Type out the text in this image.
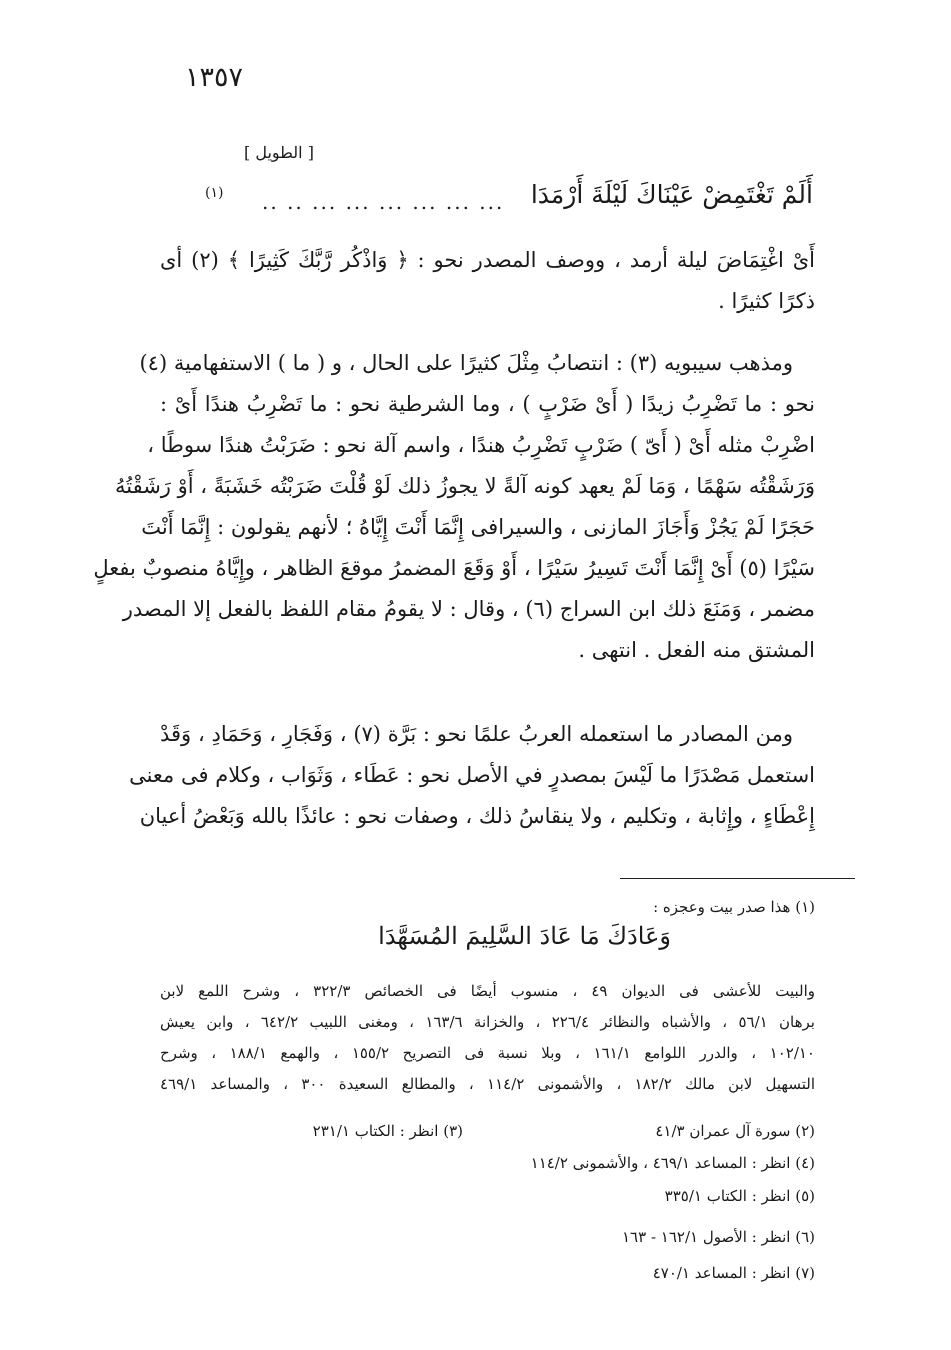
١٣٥٧
[ الطويل ]
أَلَمْ تَغْتَمِضْ عَيْنَاكَ لَيْلَةَ أَرْمَدَا
.. .. ... ... ... ... ... ...
(١)
أَىْ اغْتِمَاضَ ليلة أرمد ، ووصف المصدر نحو : ﴿ وَاذْكُر رَّبَّكَ كَثِيرًا ﴾ (٢) أى
ذكرًا كثيرًا .
ومذهب سيبويه (٣) : انتصابُ مِثْلَ كثيرًا على الحال ، و ( ما ) الاستفهامية (٤)
نحو : ما تَضْرِبُ زيدًا ( أَىْ ضَرْبٍ ) ، وما الشرطية نحو : ما تَضْرِبُ هندًا أَىْ :
اضْرِبْ مثله أَىْ ( أَىّ ) ضَرْبٍ تَضْرِبُ هندًا ، واسم آلة نحو : ضَرَبْتُ هندًا سوطًا ،
وَرَشَقْتُه سَهْمًا ، وَمَا لَمْ يعهد كونه آلةً لا يجوزُ ذلك لَوْ قُلْتَ ضَرَبْتُه خَشَبَةً ، أَوْ رَشَقْتُهُ
حَجَرًا لَمْ يَجُزْ وَأَجَازَ المازنى ، والسيرافى إِنَّمَا أَنْتَ إِيَّاهُ ؛ لأنهم يقولون : إِنَّمَا أَنْتَ
سَيْرًا (٥) أَىْ إِنَّمَا أَنْتَ تَسِيرُ سَيْرًا ، أَوْ وَقَعَ المضمرُ موقعَ الظاهر ، وإِيَّاهُ منصوبٌ بفعلٍ
مضمر ، وَمَنَعَ ذلك ابن السراج (٦) ، وقال : لا يقومُ مقام اللفظ بالفعل إلا المصدر
المشتق منه الفعل . انتهى .
ومن المصادر ما استعمله العربُ علمًا نحو : بَرَّة (٧) ، وَفَجَارِ ، وَحَمَادِ ، وَقَدْ
استعمل مَصْدَرًا ما لَيْسَ بمصدرٍ في الأصل نحو : عَطَاء ، وَثَوَاب ، وكلام فى معنى
إِعْطَاءٍ ، وإِثابة ، وتكليم ، ولا ينقاسُ ذلك ، وصفات نحو : عائذًا بالله وَبَعْضُ أعيان
(١) هذا صدر بيت وعجزه :
وَعَادَكَ مَا عَادَ السَّلِيمَ المُسَهَّدَا
والبيت للأعشى فى الديوان ٤٩ ، منسوب أيضًا فى الخصائص ٣٢٢/٣ ، وشرح اللمع لابن
برهان ٥٦/١ ، والأشباه والنظائر ٢٢٦/٤ ، والخزانة ١٦٣/٦ ، ومغنى اللبيب ٦٤٢/٢ ، وابن يعيش
١٠٢/١٠ ، والدرر اللوامع ١٦١/١ ، وبلا نسبة فى التصريح ١٥٥/٢ ، والهمع ١٨٨/١ ، وشرح
التسهيل لابن مالك ١٨٢/٢ ، والأشمونى ١١٤/٢ ، والمطالع السعيدة ٣٠٠ ، والمساعد ٤٦٩/١
(٢) سورة آل عمران ٤١/٣
(٣) انظر : الكتاب ٢٣١/١
(٤) انظر : المساعد ٤٦٩/١ ، والأشمونى ١١٤/٢
(٥) انظر : الكتاب ٣٣٥/١
(٦) انظر : الأصول ١٦٢/١ - ١٦٣
(٧) انظر : المساعد ٤٧٠/١
